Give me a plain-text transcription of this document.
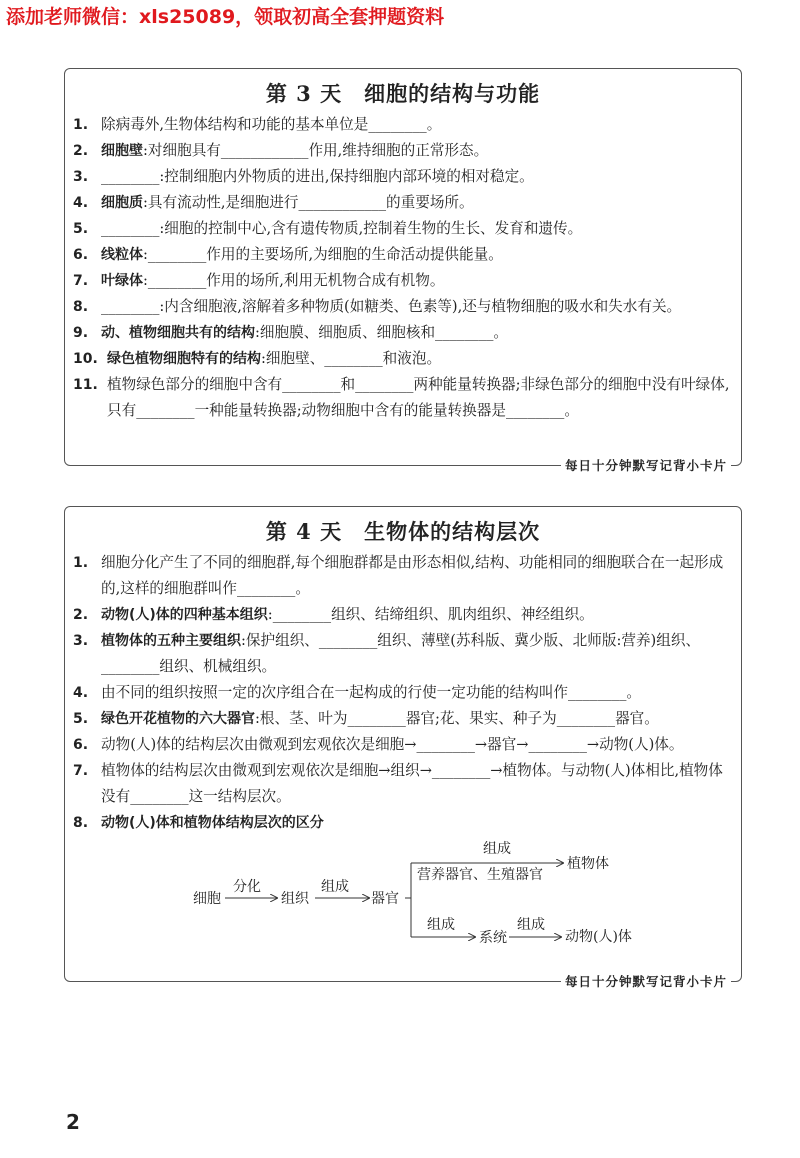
添加老师微信：xls25089，领取初高全套押题资料
第 3 天　细胞的结构与功能
1. 除病毒外,生物体结构和功能的基本单位是________。
2. 细胞壁:对细胞具有____________作用,维持细胞的正常形态。
3. ________:控制细胞内外物质的进出,保持细胞内部环境的相对稳定。
4. 细胞质:具有流动性,是细胞进行____________的重要场所。
5. ________:细胞的控制中心,含有遗传物质,控制着生物的生长、发育和遗传。
6. 线粒体:________作用的主要场所,为细胞的生命活动提供能量。
7. 叶绿体:________作用的场所,利用无机物合成有机物。
8. ________:内含细胞液,溶解着多种物质(如糖类、色素等),还与植物细胞的吸水和失水有关。
9. 动、植物细胞共有的结构:细胞膜、细胞质、细胞核和________。
10. 绿色植物细胞特有的结构:细胞壁、________和液泡。
11. 植物绿色部分的细胞中含有________和________两种能量转换器;非绿色部分的细胞中没有叶绿体,只有________一种能量转换器;动物细胞中含有的能量转换器是________。
每日十分钟默写记背小卡片
第 4 天　生物体的结构层次
1. 细胞分化产生了不同的细胞群,每个细胞群都是由形态相似,结构、功能相同的细胞联合在一起形成的,这样的细胞群叫作________。
2. 动物(人)体的四种基本组织:________组织、结缔组织、肌肉组织、神经组织。
3. 植物体的五种主要组织:保护组织、________组织、薄壁(苏科版、冀少版、北师版:营养)组织、________组织、机械组织。
4. 由不同的组织按照一定的次序组合在一起构成的行使一定功能的结构叫作________。
5. 绿色开花植物的六大器官:根、茎、叶为________器官;花、果实、种子为________器官。
6. 动物(人)体的结构层次由微观到宏观依次是细胞→________→器官→________→动物(人)体。
7. 植物体的结构层次由微观到宏观依次是细胞→组织→________→植物体。与动物(人)体相比,植物体没有________这一结构层次。
8. 动物(人)体和植物体结构层次的区分
细胞
分化
组织
组成
器官
组成
营养器官、生殖器官
植物体
组成
系统
组成
动物(人)体
每日十分钟默写记背小卡片
2
